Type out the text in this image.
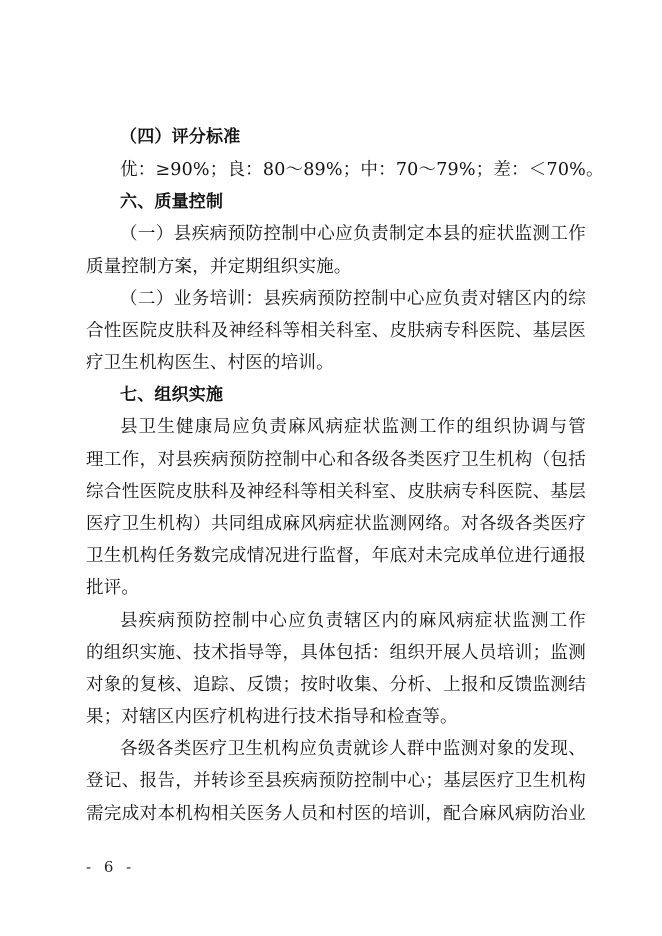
（四）评分标准
优：≥90%；良：80～89%；中：70～79%；差：＜70%。
六、质量控制
（一）县疾病预防控制中心应负责制定本县的症状监测工作
质量控制方案，并定期组织实施。
（二）业务培训：县疾病预防控制中心应负责对辖区内的综
合性医院皮肤科及神经科等相关科室、皮肤病专科医院、基层医
疗卫生机构医生、村医的培训。
七、组织实施
县卫生健康局应负责麻风病症状监测工作的组织协调与管
理工作，对县疾病预防控制中心和各级各类医疗卫生机构（包括
综合性医院皮肤科及神经科等相关科室、皮肤病专科医院、基层
医疗卫生机构）共同组成麻风病症状监测网络。对各级各类医疗
卫生机构任务数完成情况进行监督，年底对未完成单位进行通报
批评。
县疾病预防控制中心应负责辖区内的麻风病症状监测工作
的组织实施、技术指导等，具体包括：组织开展人员培训；监测
对象的复核、追踪、反馈；按时收集、分析、上报和反馈监测结
果；对辖区内医疗机构进行技术指导和检查等。
各级各类医疗卫生机构应负责就诊人群中监测对象的发现、
登记、报告，并转诊至县疾病预防控制中心；基层医疗卫生机构
需完成对本机构相关医务人员和村医的培训，配合麻风病防治业
- 6 -
